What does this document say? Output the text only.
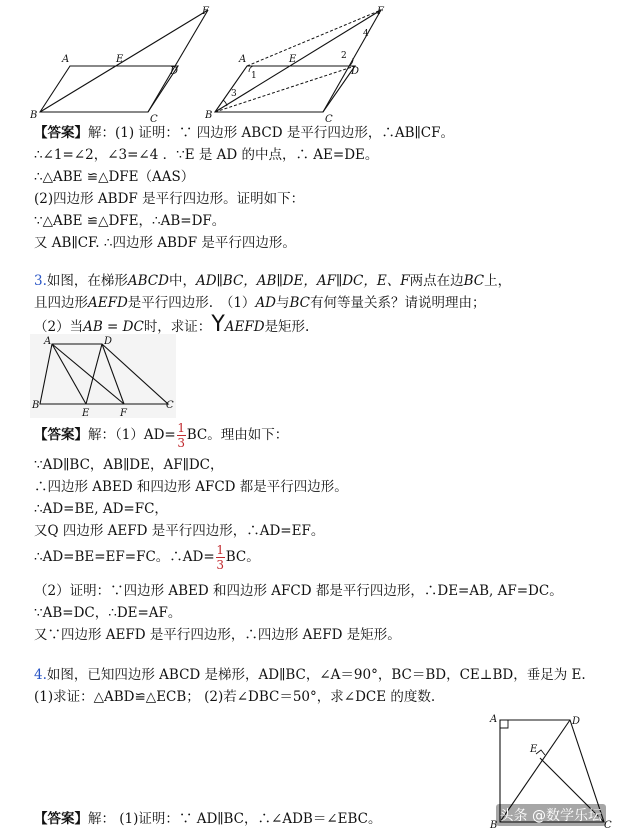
B
A
C
D
E
F
B
A
C
D
E
F
1
2
3
4
【答案】解：(1) 证明：∵ 四边形 ABCD 是平行四边形，∴AB∥CF。
∴∠1=∠2，∠3=∠4 ．∵E 是 AD 的中点，∴ AE=DE。
∴△ABE ≌△DFE（AAS）
(2)四边形 ABDF 是平行四边形。证明如下：
∵△ABE ≌△DFE，∴AB=DF。
又 AB∥CF. ∴四边形 ABDF 是平行四边形。
3.如图，在梯形ABCD中，AD∥BC，AB∥DE，AF∥DC，E、F两点在边BC上，
且四边形AEFD是平行四边形.　（1）AD与BC有何等量关系？请说明理由；
（2）当AB = DC时，求证：YAEFD是矩形.
A
B	C
D
E	F
【答案】解：$(1)AD= \frac{1}{3}$ BC。理由如下：
∵AD∥BC，AB∥DE，AF∥DC，
∴四边形 ABED 和四边形 AFCD 都是平行四边形。
∴AD=BE, AD=FC，
又Q 四边形 AEFD 是平行四边形，∴AD=EF。
∴AD=BE=EF=FC。∴AD= $\frac{1}{3}$ BC。
（2）证明：∵四边形 ABED 和四边形 AFCD 都是平行四边形，∴DE=AB, AF=DC。
∵AB=DC，∴DE=AF。
又∵四边形 AEFD 是平行四边形，∴四边形 AEFD 是矩形。
4.如图，已知四边形 ABCD 是梯形，AD∥BC，∠A＝90°，BC＝BD，CE⊥BD，垂足为 E.
(1)求证：△ABD≌△ECB； (2)若∠DBC＝50°，求∠DCE 的度数.
A
B	C
D
E
【答案】解： (1)证明：∵ AD∥BC，∴∠ADB＝∠EBC。	头条 @数学乐坛
